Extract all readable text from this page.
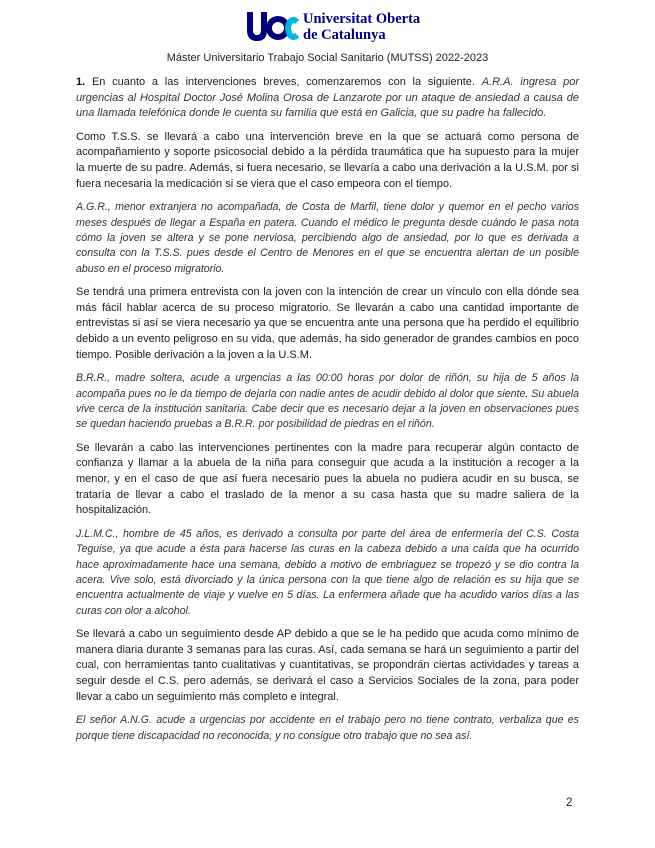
Universitat Oberta
de Catalunya
Máster Universitario Trabajo Social Sanitario (MUTSS) 2022-2023

1. En cuanto a las intervenciones breves, comenzaremos con la siguiente. A.R.A. ingresa por urgencias al Hospital Doctor José Molina Orosa de Lanzarote por un ataque de ansiedad a causa de una llamada telefónica donde le cuenta su familia que está en Galicia, que su padre ha fallecido.

Como T.S.S. se llevará a cabo una intervención breve en la que se actuará como persona de acompañamiento y soporte psicosocial debido a la pérdida traumática que ha supuesto para la mujer la muerte de su padre. Además, si fuera necesario, se llevaría a cabo una derivación a la U.S.M. por si fuera necesaria la medicación si se viera que el caso empeora con el tiempo.

A.G.R., menor extranjera no acompañada, de Costa de Marfil, tiene dolor y quemor en el pecho varios meses después de llegar a España en patera. Cuando el médico le pregunta desde cuándo le pasa nota cómo la joven se altera y se pone nerviosa, percibiendo algo de ansiedad, por lo que es derivada a consulta con la T.S.S. pues desde el Centro de Menores en el que se encuentra alertan de un posible abuso en el proceso migratorio.

Se tendrá una primera entrevista con la joven con la intención de crear un vínculo con ella dónde sea más fácil hablar acerca de su proceso migratorio. Se llevarán a cabo una cantidad importante de entrevistas si así se viera necesario ya que se encuentra ante una persona que ha perdido el equilibrio debido a un evento peligroso en su vida, que además, ha sido generador de grandes cambios en poco tiempo. Posible derivación a la joven a la U.S.M.

B.R.R., madre soltera, acude a urgencias a las 00:00 horas por dolor de riñón, su hija de 5 años la acompaña pues no le da tiempo de dejarla con nadie antes de acudir debido al dolor que siente. Su abuela vive cerca de la institución sanitaria. Cabe decir que es necesario dejar a la joven en observaciones pues se quedan haciendo pruebas a B.R.R. por posibilidad de piedras en el riñón.

Se llevarán a cabo las intervenciones pertinentes con la madre para recuperar algún contacto de confianza y llamar a la abuela de la niña para conseguir que acuda a la institución a recoger a la menor, y en el caso de que así fuera necesario pues la abuela no pudiera acudir en su busca, se trataría de llevar a cabo el traslado de la menor a su casa hasta que su madre saliera de la hospitalización.

J.L.M.C., hombre de 45 años, es derivado a consulta por parte del área de enfermería del C.S. Costa Teguise, ya que acude a ésta para hacerse las curas en la cabeza debido a una caída que ha ocurrido hace aproximadamente hace una semana, debido a motivo de embriaguez se tropezó y se dio contra la acera. Vive solo, está divorciado y la única persona con la que tiene algo de relación es su hija que se encuentra actualmente de viaje y vuelve en 5 días. La enfermera añade que ha acudido varios días a las curas con olor a alcohol.

Se llevará a cabo un seguimiento desde AP debido a que se le ha pedido que acuda como mínimo de manera diaria durante 3 semanas para las curas. Así, cada semana se hará un seguimiento a partir del cual, con herramientas tanto cualitativas y cuantitativas, se propondrán ciertas actividades y tareas a seguir desde el C.S. pero además, se derivará el caso a Servicios Sociales de la zona, para poder llevar a cabo un seguimiento más completo e integral.

El señor A.N.G. acude a urgencias por accidente en el trabajo pero no tiene contrato, verbaliza que es porque tiene discapacidad no reconocida, y no consigue otro trabajo que no sea así.

2
